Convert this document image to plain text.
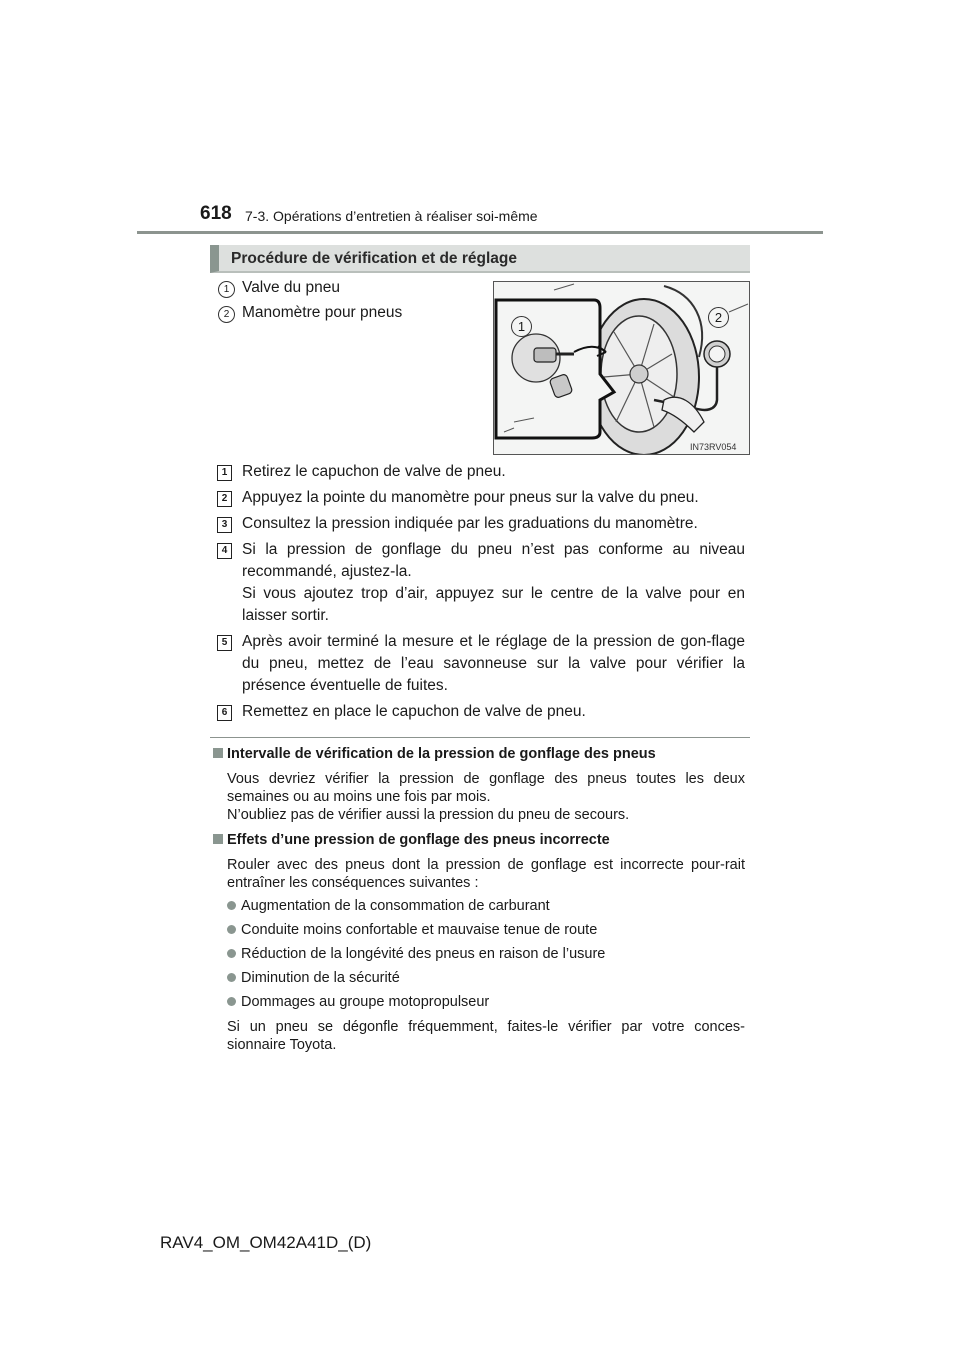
618 7-3. Opérations d’entretien à réaliser soi-même
Procédure de vérification et de réglage
1 Valve du pneu
2 Manomètre pour pneus
1
2
IN73RV054
1 Retirez le capuchon de valve de pneu.
2 Appuyez la pointe du manomètre pour pneus sur la valve du pneu.
3 Consultez la pression indiquée par les graduations du manomètre.
4 Si la pression de gonflage du pneu n’est pas conforme au niveau recommandé, ajustez-la.
Si vous ajoutez trop d’air, appuyez sur le centre de la valve pour en laisser sortir.
5 Après avoir terminé la mesure et le réglage de la pression de gon-flage du pneu, mettez de l’eau savonneuse sur la valve pour vérifier la présence éventuelle de fuites.
6 Remettez en place le capuchon de valve de pneu.
Intervalle de vérification de la pression de gonflage des pneus
Vous devriez vérifier la pression de gonflage des pneus toutes les deux semaines ou au moins une fois par mois.
N’oubliez pas de vérifier aussi la pression du pneu de secours.
Effets d’une pression de gonflage des pneus incorrecte
Rouler avec des pneus dont la pression de gonflage est incorrecte pour-rait entraîner les conséquences suivantes :
Augmentation de la consommation de carburant
Conduite moins confortable et mauvaise tenue de route
Réduction de la longévité des pneus en raison de l’usure
Diminution de la sécurité
Dommages au groupe motopropulseur
Si un pneu se dégonfle fréquemment, faites-le vérifier par votre conces-sionnaire Toyota.
RAV4_OM_OM42A41D_(D)
